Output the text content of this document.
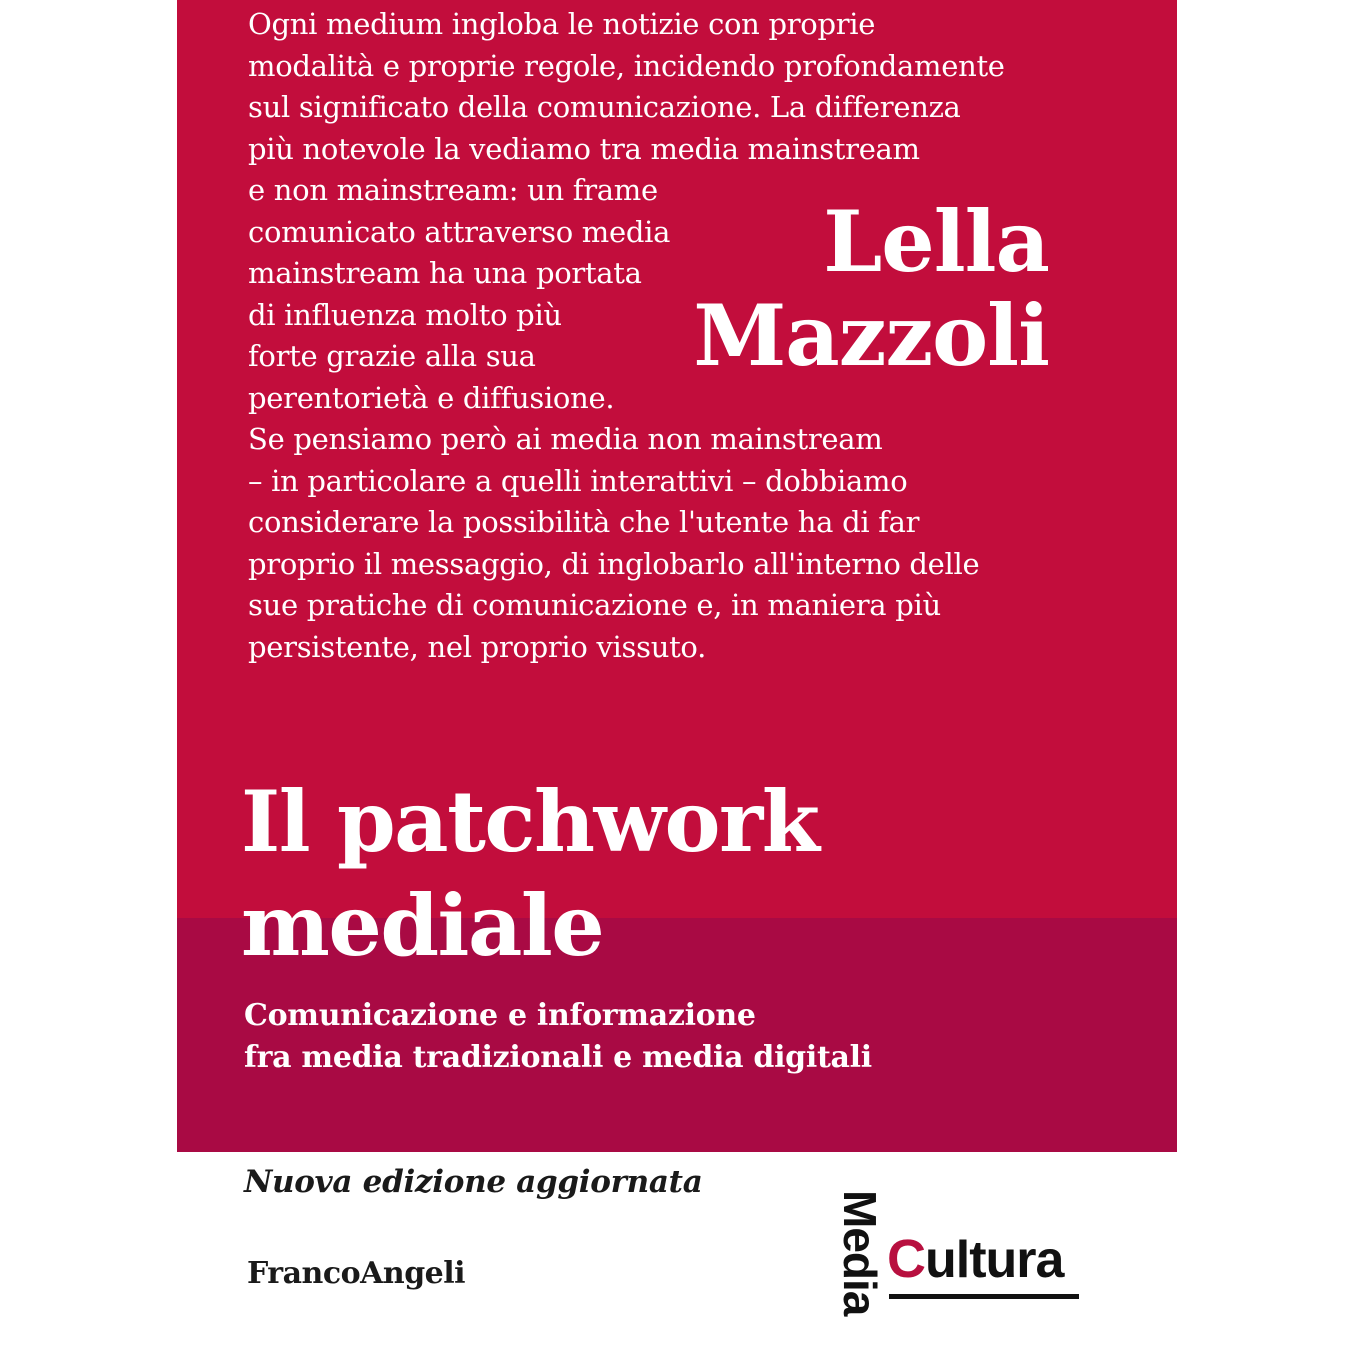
Ogni medium ingloba le notizie con proprie
modalità e proprie regole, incidendo profondamente
sul significato della comunicazione. La differenza
più notevole la vediamo tra media mainstream
e non mainstream: un frame
comunicato attraverso media
mainstream ha una portata
di influenza molto più
forte grazie alla sua
perentorietà e diffusione.
Se pensiamo però ai media non mainstream
– in particolare a quelli interattivi – dobbiamo
considerare la possibilità che l'utente ha di far
proprio il messaggio, di inglobarlo all'interno delle
sue pratiche di comunicazione e, in maniera più
persistente, nel proprio vissuto.
Lella
Mazzoli
Il patchwork
mediale
Comunicazione e informazione
fra media tradizionali e media digitali
Nuova edizione aggiornata
FrancoAngeli	Media C ultura
